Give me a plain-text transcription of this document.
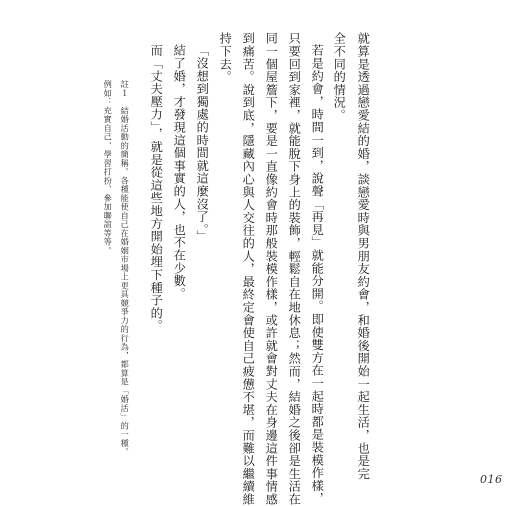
就算是透過戀愛結的婚，談戀愛時與男朋友約會，和婚後開始一起生活，也是完
全不同的情況。
若是約會，時間一到，說聲「再見」就能分開。即使雙方在一起時都是裝模作樣，
只要回到家裡，就能脫下身上的裝飾，輕鬆自在地休息；然而，結婚之後卻是生活在
同一個屋簷下，要是一直像約會時那般裝模作樣，或許就會對丈夫在身邊這件事情感
到痛苦。說到底，隱藏內心與人交往的人，最終定會使自己疲憊不堪，而難以繼續維
持下去。
「沒想到獨處的時間就這麼沒了。」
結了婚，才發現這個事實的人，也不在少數。
而「丈夫壓力」，就是從這些地方開始埋下種子的。
註１　結婚活動的簡稱。各種能使自己在婚姻市場上更具競爭力的行為，都算是「婚活」的一種。
例如：充實自己、學習打扮、參加聯誼等等。
016
